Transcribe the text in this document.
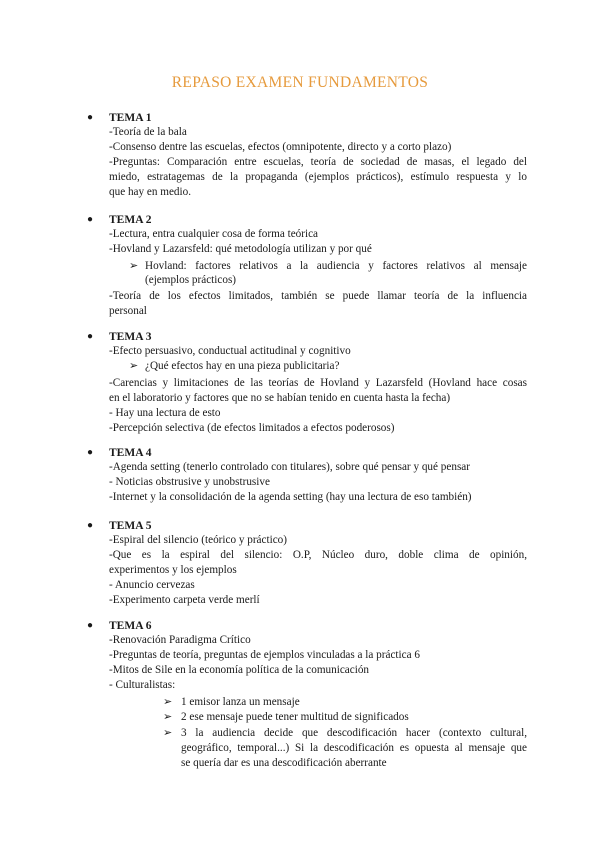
REPASO EXAMEN FUNDAMENTOS
● TEMA 1
-Teoría de la bala
-Consenso dentre las escuelas, efectos (omnipotente, directo y a corto plazo)
-Preguntas: Comparación entre escuelas, teoría de sociedad de masas, el legado del
miedo, estratagemas de la propaganda (ejemplos prácticos), estímulo respuesta y lo
que hay en medio.
● TEMA 2
-Lectura, entra cualquier cosa de forma teórica
-Hovland y Lazarsfeld: qué metodología utilizan y por qué
➢ Hovland: factores relativos a la audiencia y factores relativos al mensaje
(ejemplos prácticos)
-Teoría de los efectos limitados, también se puede llamar teoría de la influencia
personal
● TEMA 3
-Efecto persuasivo, conductual actitudinal y cognitivo
➢ ¿Qué efectos hay en una pieza publicitaria?
-Carencias y limitaciones de las teorías de Hovland y Lazarsfeld (Hovland hace cosas
en el laboratorio y factores que no se habían tenido en cuenta hasta la fecha)
- Hay una lectura de esto
-Percepción selectiva (de efectos limitados a efectos poderosos)
● TEMA 4
-Agenda setting (tenerlo controlado con titulares), sobre qué pensar y qué pensar
- Noticias obstrusive y unobstrusive
-Internet y la consolidación de la agenda setting (hay una lectura de eso también)
● TEMA 5
-Espiral del silencio (teórico y práctico)
-Que es la espiral del silencio: O.P, Núcleo duro, doble clima de opinión,
experimentos y los ejemplos
- Anuncio cervezas
-Experimento carpeta verde merlí
● TEMA 6
-Renovación Paradigma Crítico
-Preguntas de teoría, preguntas de ejemplos vinculadas a la práctica 6
-Mitos de Sile en la economía política de la comunicación
- Culturalistas:
➢ 1 emisor lanza un mensaje
➢ 2 ese mensaje puede tener multitud de significados
➢ 3 la audiencia decide que descodificación hacer (contexto cultural,
geográfico, temporal...) Si la descodificación es opuesta al mensaje que
se quería dar es una descodificación aberrante
